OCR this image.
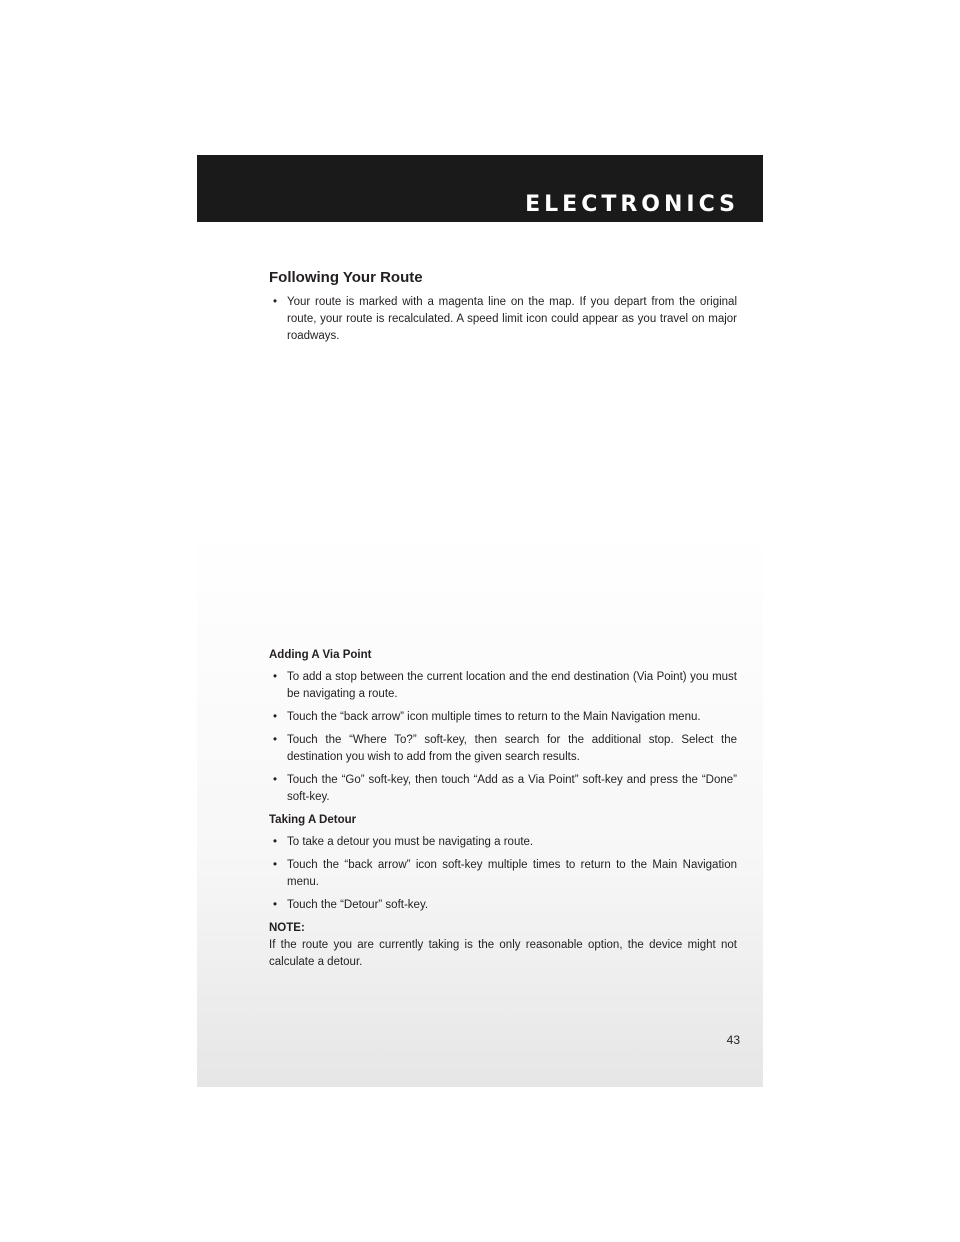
ELECTRONICS
Following Your Route
• Your route is marked with a magenta line on the map. If you depart from the original route, your route is recalculated. A speed limit icon could appear as you travel on major roadways.
Adding A Via Point
• To add a stop between the current location and the end destination (Via Point) you must be navigating a route.
• Touch the “back arrow” icon multiple times to return to the Main Navigation menu.
• Touch the “Where To?” soft-key, then search for the additional stop. Select the destination you wish to add from the given search results.
• Touch the “Go” soft-key, then touch “Add as a Via Point” soft-key and press the “Done” soft-key.
Taking A Detour
• To take a detour you must be navigating a route.
• Touch the “back arrow” icon soft-key multiple times to return to the Main Navigation menu.
• Touch the “Detour” soft-key.
NOTE:

If the route you are currently taking is the only reasonable option, the device might not calculate a detour.

43
